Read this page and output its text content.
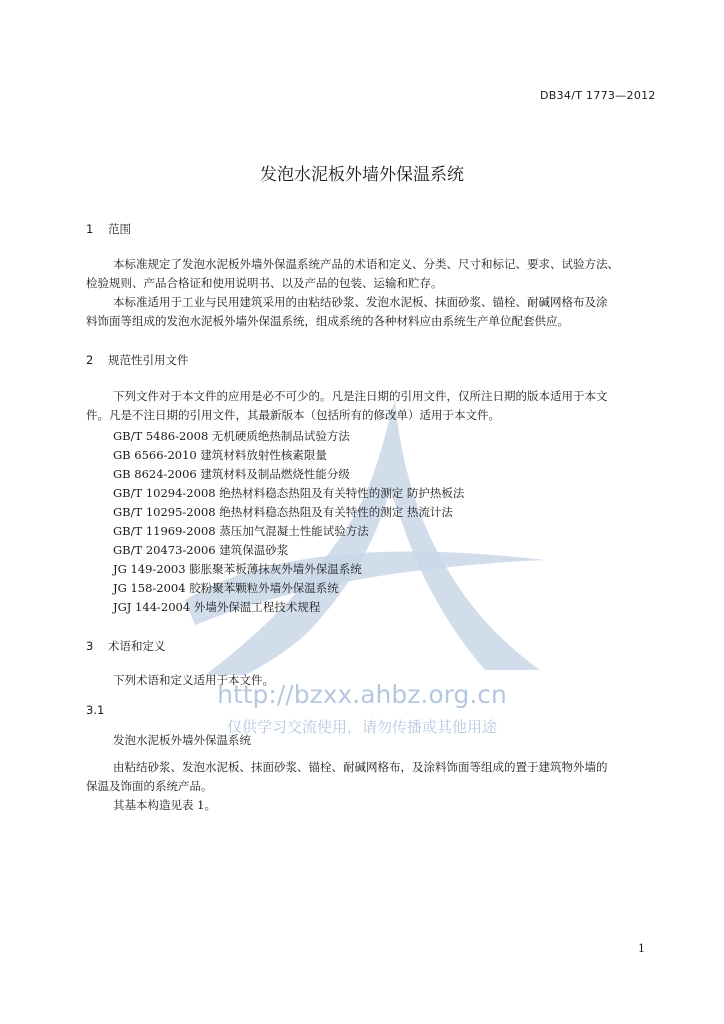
DB34/T 1773—2012
发泡水泥板外墙外保温系统
1 范围
本标准规定了发泡水泥板外墙外保温系统产品的术语和定义、分类、尺寸和标记、要求、试验方法、
检验规则、产品合格证和使用说明书、以及产品的包装、运输和贮存。
本标准适用于工业与民用建筑采用的由粘结砂浆、发泡水泥板、抹面砂浆、锚栓、耐碱网格布及涂
料饰面等组成的发泡水泥板外墙外保温系统，组成系统的各种材料应由系统生产单位配套供应。
2 规范性引用文件
下列文件对于本文件的应用是必不可少的。凡是注日期的引用文件，仅所注日期的版本适用于本文
件。凡是不注日期的引用文件，其最新版本（包括所有的修改单）适用于本文件。
GB/T 5486-2008 无机硬质绝热制品试验方法
GB 6566-2010 建筑材料放射性核素限量
GB 8624-2006 建筑材料及制品燃烧性能分级
GB/T 10294-2008 绝热材料稳态热阻及有关特性的测定 防护热板法
GB/T 10295-2008 绝热材料稳态热阻及有关特性的测定 热流计法
GB/T 11969-2008 蒸压加气混凝土性能试验方法
GB/T 20473-2006 建筑保温砂浆
JG 149-2003 膨胀聚苯板薄抹灰外墙外保温系统
JG 158-2004 胶粉聚苯颗粒外墙外保温系统
JGJ 144-2004 外墙外保温工程技术规程
3 术语和定义
下列术语和定义适用于本文件。
3.1
发泡水泥板外墙外保温系统
由粘结砂浆、发泡水泥板、抹面砂浆、锚栓、耐碱网格布，及涂料饰面等组成的置于建筑物外墙的
保温及饰面的系统产品。
其基本构造见表 1。
http://bzxx.ahbz.org.cn
仅供学习交流使用，请勿传播或其他用途
1
